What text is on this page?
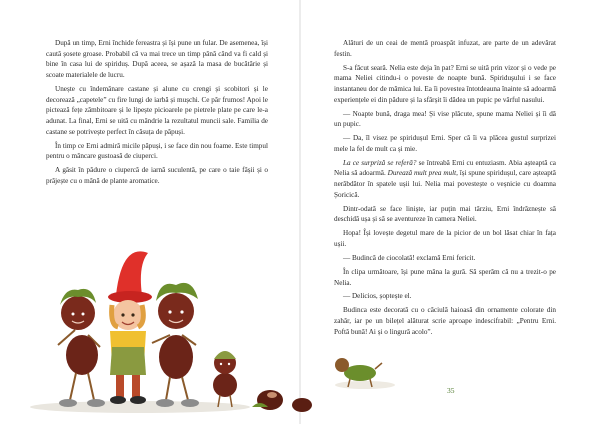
După un timp, Erni închide fereastra și își pune un fular. De asemenea, își caută șosete groase. Probabil că va mai trece un timp până când va fi cald și bine în casa lui de spiriduș. După aceea, se așază la masa de bucătărie și scoate materialele de lucru.

Unește cu îndemânare castane și alune cu crengi și scobitori și le decorează „capetele” cu fire lungi de iarbă și mușchi. Ce păr frumos! Apoi le pictează fețe zâmbitoare și le lipește picioarele pe pietrele plate pe care le-a adunat. La final, Erni se uită cu mândrie la rezultatul muncii sale. Familia de castane se potrivește perfect în căsuța de păpuși.

În timp ce Erni admiră micile păpuși, i se face din nou foame. Este timpul pentru o mâncare gustoasă de ciuperci.

A găsit în pădure o ciupercă de iarnă suculentă, pe care o taie fâșii și o prăjește cu o mână de plante aromatice.

Alături de un ceai de mentă proaspăt infuzat, are parte de un adevărat festin.

S-a făcut seară. Nelia este deja în pat? Erni se uită prin vizor și o vede pe mama Neliei citindu-i o poveste de noapte bună. Spiriduşului i se face instantaneu dor de mămica lui. Ea îi povestea întotdeauna înainte să adoarmă experiențele ei din pădure și la sfârșit îi dădea un pupic pe vârful nasului.

— Noapte bună, draga mea! Și vise plăcute, spune mama Neliei și îi dă un pupic.

— Da, îl visez pe spiridușul Erni. Sper că îi va plăcea gustul surprizei mele la fel de mult ca și mie.

La ce surpriză se referă? se întreabă Erni cu entuziasm. Abia așteaptă ca Nelia să adoarmă. Durează mult prea mult, își spune spiridușul, care așteaptă nerăbdător în spatele ușii lui. Nelia mai povestește o veșnicie cu doamna Șoricică.

Dintr-odată se face liniște, iar puțin mai târziu, Erni îndrăznește să deschidă ușa și să se aventureze în camera Neliei.

Hopa! Își lovește degetul mare de la picior de un bol lăsat chiar în fața ușii.

— Budincă de ciocolată! exclamă Erni fericit.

În clipa următoare, își pune mâna la gură. Să sperăm că nu a trezit-o pe Nelia.

— Delicios, șoptește el.

Budinca este decorată cu o căciulă haioasă din ornamente colorate din zahăr, iar pe un bilețel alăturat scrie aproape indescifrabil: „Pentru Erni. Poftă bună! Ai și o lingură acolo”.

35
